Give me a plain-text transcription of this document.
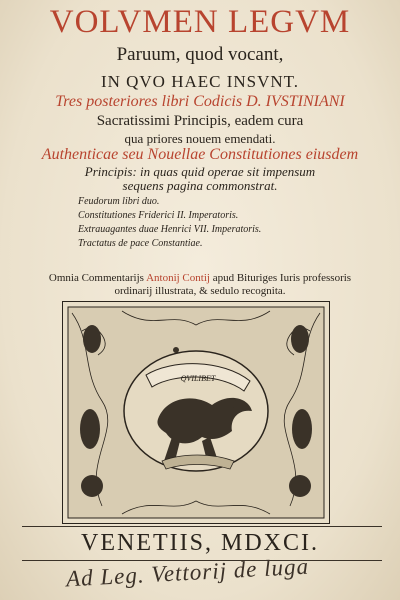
VOLVMEN LEGVM
Paruum, quod vocant,
IN QVO HAEC INSVNT.
Tres posteriores libri Codicis D. IVSTINIANI
Sacratissimi Principis, eadem cura
qua priores nouem emendati.
Authenticae seu Nouellae Constitutiones eiusdem
Principis: in quas quid operae sit impensum
sequens pagina commonstrat.
Feudorum libri duo.
Constitutiones Friderici II. Imperatoris.
Extrauagantes duae Henrici VII. Imperatoris.
Tractatus de pace Constantiae.
Omnia Commentarijs Antonij Contij apud Bituriges Iuris professoris
ordinarij illustrata, & sedulo recognita.
QVILIBET
VENETIIS, MDXCI.
Ad Leg. Vettorij de luga
